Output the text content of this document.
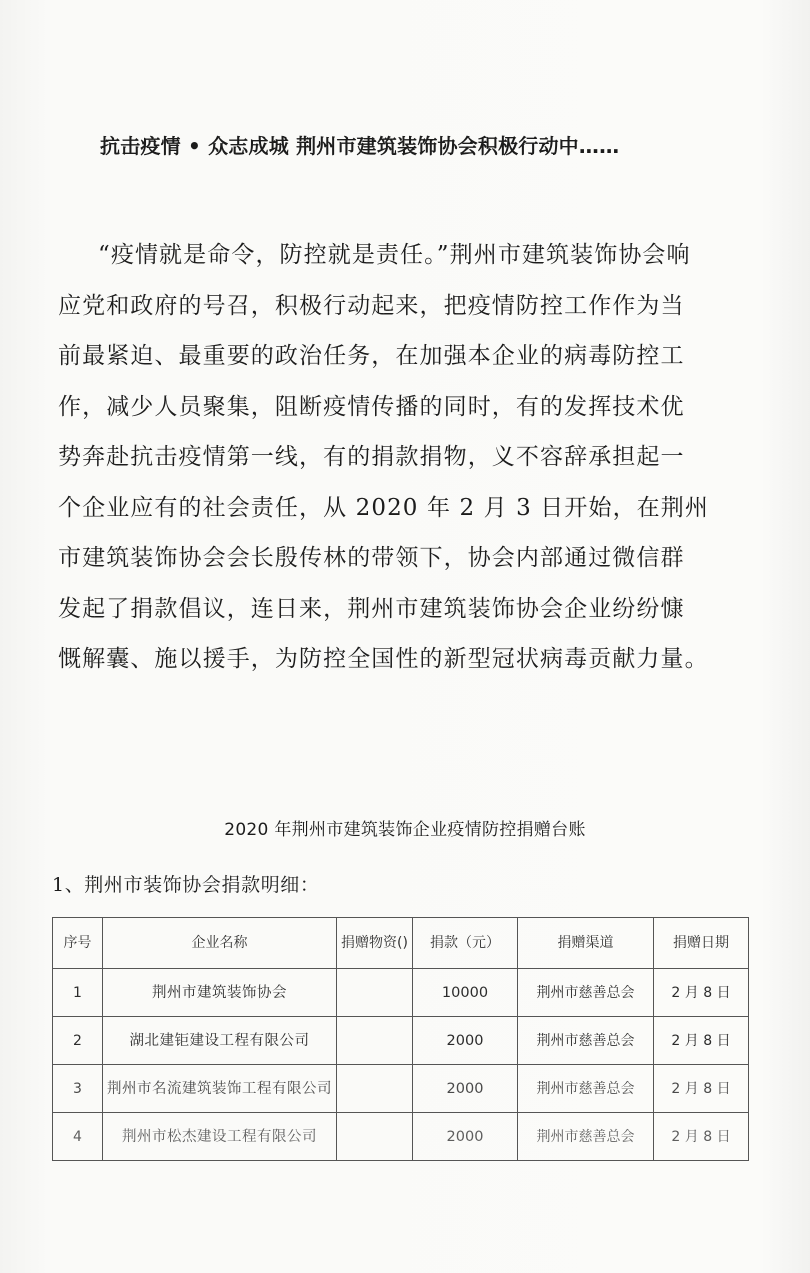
抗击疫情 • 众志成城 荆州市建筑装饰协会积极行动中……
“疫情就是命令，防控就是责任。”荆州市建筑装饰协会响
应党和政府的号召，积极行动起来，把疫情防控工作作为当
前最紧迫、最重要的政治任务，在加强本企业的病毒防控工
作，减少人员聚集，阻断疫情传播的同时，有的发挥技术优
势奔赴抗击疫情第一线，有的捐款捐物，义不容辞承担起一
个企业应有的社会责任，从 2020 年 2 月 3 日开始，在荆州
市建筑装饰协会会长殷传林的带领下，协会内部通过微信群
发起了捐款倡议，连日来，荆州市建筑装饰协会企业纷纷慷
慨解囊、施以援手，为防控全国性的新型冠状病毒贡献力量。
2020 年荆州市建筑装饰企业疫情防控捐赠台账
1、荆州市装饰协会捐款明细：
序号	企业名称	捐赠物资()	捐款（元）	捐赠渠道	捐赠日期
1	荆州市建筑装饰协会		10000	荆州市慈善总会	2 月 8 日
2	湖北建钜建设工程有限公司		2000	荆州市慈善总会	2 月 8 日
3	荆州市名流建筑装饰工程有限公司		2000	荆州市慈善总会	2 月 8 日
4	荆州市松杰建设工程有限公司		2000	荆州市慈善总会	2 月 8 日
